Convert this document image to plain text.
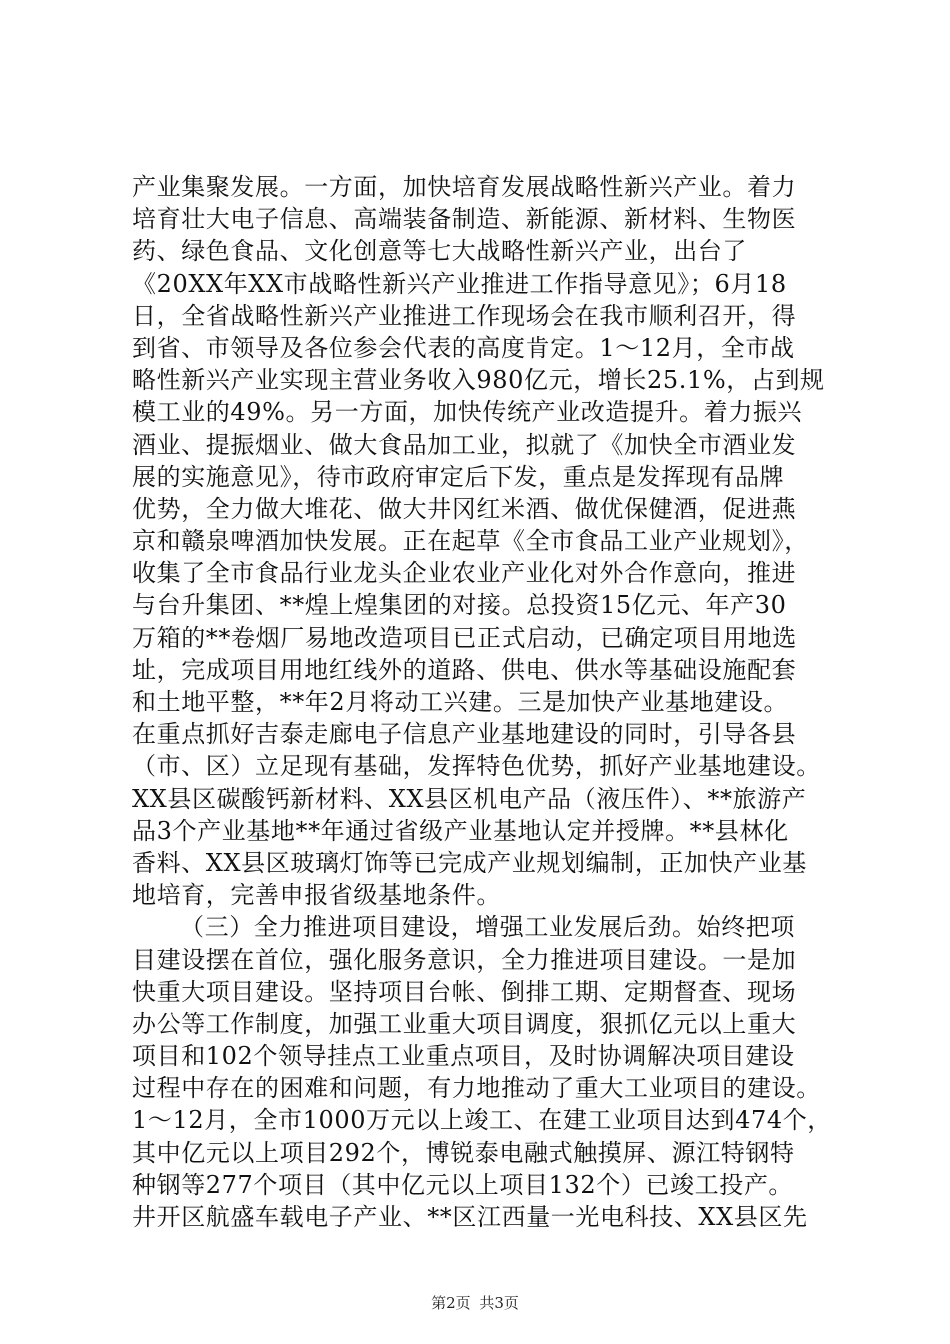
产业集聚发展。一方面，加快培育发展战略性新兴产业。着力
培育壮大电子信息、高端装备制造、新能源、新材料、生物医
药、绿色食品、文化创意等七大战略性新兴产业，出台了
《20XX年XX市战略性新兴产业推进工作指导意见》；6月18
日，全省战略性新兴产业推进工作现场会在我市顺利召开，得
到省、市领导及各位参会代表的高度肯定。1～12月，全市战
略性新兴产业实现主营业务收入980亿元，增长25.1%，占到规
模工业的49%。另一方面，加快传统产业改造提升。着力振兴
酒业、提振烟业、做大食品加工业，拟就了《加快全市酒业发
展的实施意见》，待市政府审定后下发，重点是发挥现有品牌
优势，全力做大堆花、做大井冈红米酒、做优保健酒，促进燕
京和赣泉啤酒加快发展。正在起草《全市食品工业产业规划》，
收集了全市食品行业龙头企业农业产业化对外合作意向，推进
与台升集团、**煌上煌集团的对接。总投资15亿元、年产30
万箱的**卷烟厂易地改造项目已正式启动，已确定项目用地选
址，完成项目用地红线外的道路、供电、供水等基础设施配套
和土地平整，**年2月将动工兴建。三是加快产业基地建设。
在重点抓好吉泰走廊电子信息产业基地建设的同时，引导各县
（市、区）立足现有基础，发挥特色优势，抓好产业基地建设。
XX县区碳酸钙新材料、XX县区机电产品（液压件）、**旅游产
品3个产业基地**年通过省级产业基地认定并授牌。**县林化
香料、XX县区玻璃灯饰等已完成产业规划编制，正加快产业基
地培育，完善申报省级基地条件。
（三）全力推进项目建设，增强工业发展后劲。始终把项
目建设摆在首位，强化服务意识，全力推进项目建设。一是加
快重大项目建设。坚持项目台帐、倒排工期、定期督查、现场
办公等工作制度，加强工业重大项目调度，狠抓亿元以上重大
项目和102个领导挂点工业重点项目，及时协调解决项目建设
过程中存在的困难和问题，有力地推动了重大工业项目的建设。
1～12月，全市1000万元以上竣工、在建工业项目达到474个，
其中亿元以上项目292个，博锐泰电融式触摸屏、源江特钢特
种钢等277个项目（其中亿元以上项目132个）已竣工投产。
井开区航盛车载电子产业、**区江西量一光电科技、XX县区先
第2页 共3页
